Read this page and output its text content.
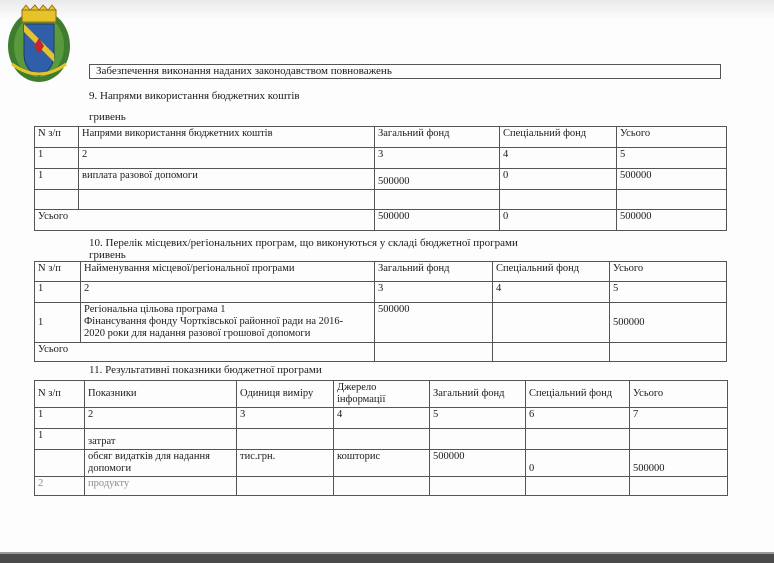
Забезпечення виконання наданих законодавством повноважень
9. Напрями використання бюджетних коштів
гривень
N з/п	Напрями використання бюджетних коштів	Загальний фонд	Спеціальний фонд	Усього
1	2	3	4	5
1	виплата разової допомоги	500000	0	500000

Усього		500000	0	500000
10. Перелік місцевих/регіональних програм, що виконуються у складі бюджетної програми
гривень
N з/п	Найменування місцевої/регіональної програми	Загальний фонд	Спеціальний фонд	Усього
1	2	3	4	5
1	Регіональна цільова програма 1
Фінансування фонду Чортківської районної ради на 2016-
2020 роки для надання разової грошової допомоги	500000		500000
Усього				
11. Результативні показники бюджетної програми
N з/п	Показники	Одиниця виміру	Джерело інформації	Загальний фонд	Спеціальний фонд	Усього
1	2	3	4	5	6	7
1	затрат					

	обсяг видатків для надання
допомоги	тис.грн.	кошторис	500000	0	500000
2	продукту					
